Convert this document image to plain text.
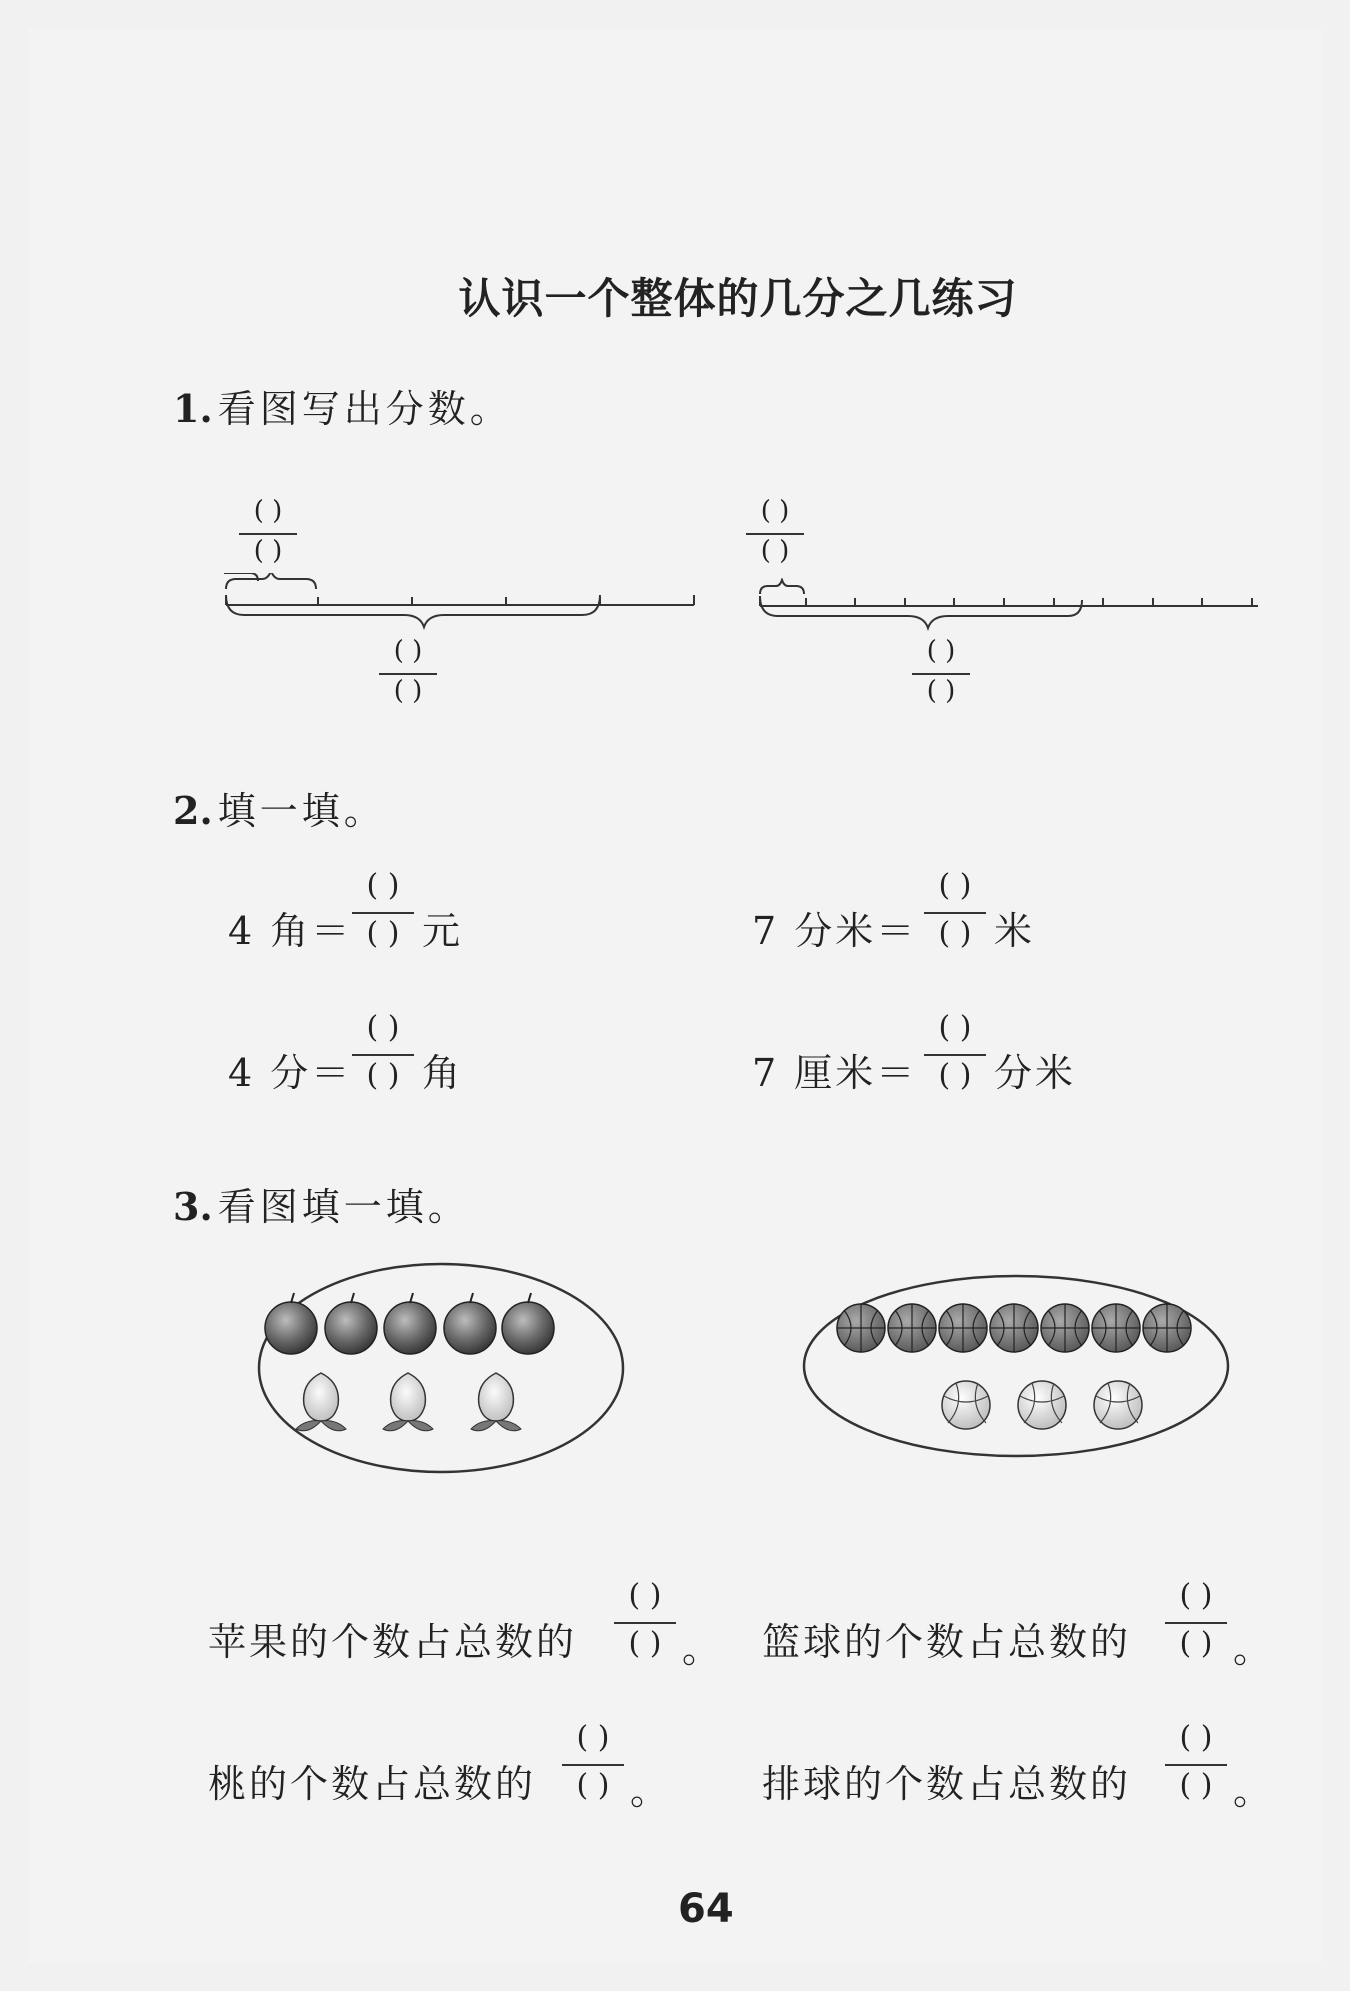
认识一个整体的几分之几练习
1. 看图写出分数。
( )
( )
( )
( )
( )
( )
( )
( )
2. 填一填。
4 角＝
( )
( ) 元	7 分米＝
( )
( ) 米
4 分＝
( )
( ) 角	7 厘米＝
( )
( ) 分米
3. 看图填一填。
苹果的个数占总数的
( )
( ) 。 篮球的个数占总数的
( )
( ) 。
桃的个数占总数的
( )
( ) 。 排球的个数占总数的
( )
( ) 。
64
